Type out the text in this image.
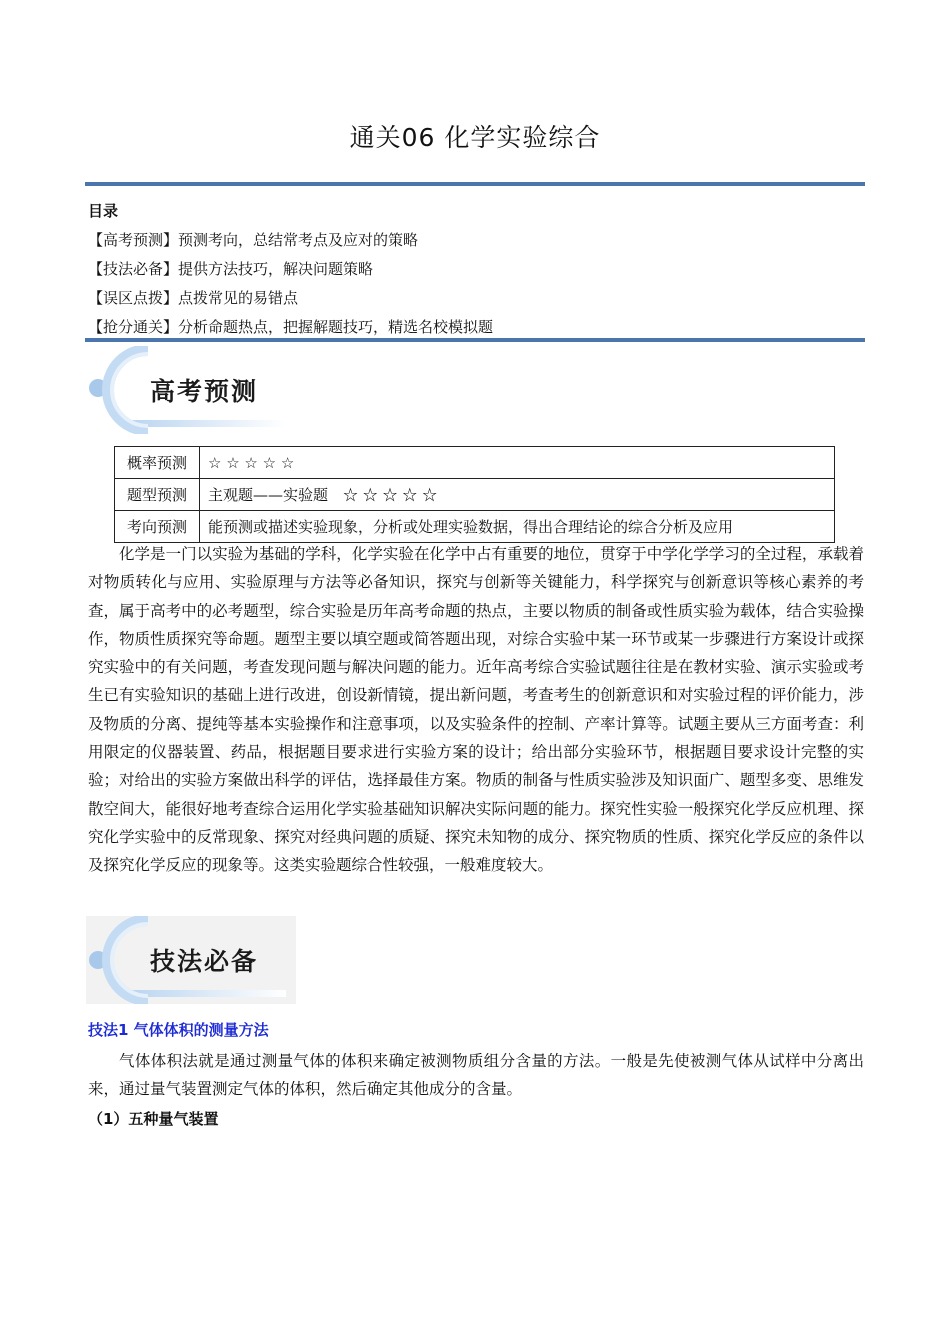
通关06 化学实验综合
目录
【高考预测】预测考向，总结常考点及应对的策略
【技法必备】提供方法技巧，解决问题策略
【误区点拨】点拨常见的易错点
【抢分通关】分析命题热点，把握解题技巧，精选名校模拟题
高考预测
概率预测	☆ ☆ ☆ ☆ ☆
题型预测	主观题——实验题　☆ ☆ ☆ ☆ ☆
考向预测	能预测或描述实验现象，分析或处理实验数据，得出合理结论的综合分析及应用
化学是一门以实验为基础的学科，化学实验在化学中占有重要的地位，贯穿于中学化学学习的全过程，承载着对物质转化与应用、实验原理与方法等必备知识，探究与创新等关键能力，科学探究与创新意识等核心素养的考查，属于高考中的必考题型，综合实验是历年高考命题的热点，主要以物质的制备或性质实验为载体，结合实验操作，物质性质探究等命题。题型主要以填空题或简答题出现，对综合实验中某一环节或某一步骤进行方案设计或探究实验中的有关问题，考查发现问题与解决问题的能力。近年高考综合实验试题往往是在教材实验、演示实验或考生已有实验知识的基础上进行改进，创设新情镜，提出新问题，考查考生的创新意识和对实验过程的评价能力，涉及物质的分离、提纯等基本实验操作和注意事项，以及实验条件的控制、产率计算等。试题主要从三方面考查：利用限定的仪器装置、药品，根据题目要求进行实验方案的设计；给出部分实验环节，根据题目要求设计完整的实验；对给出的实验方案做出科学的评估，选择最佳方案。物质的制备与性质实验涉及知识面广、题型多变、思维发散空间大，能很好地考查综合运用化学实验基础知识解决实际问题的能力。探究性实验一般探究化学反应机理、探究化学实验中的反常现象、探究对经典问题的质疑、探究未知物的成分、探究物质的性质、探究化学反应的条件以及探究化学反应的现象等。这类实验题综合性较强，一般难度较大。
技法必备
技法1 气体体积的测量方法
气体体积法就是通过测量气体的体积来确定被测物质组分含量的方法。一般是先使被测气体从试样中分离出来，通过量气装置测定气体的体积，然后确定其他成分的含量。
（1）五种量气装置
